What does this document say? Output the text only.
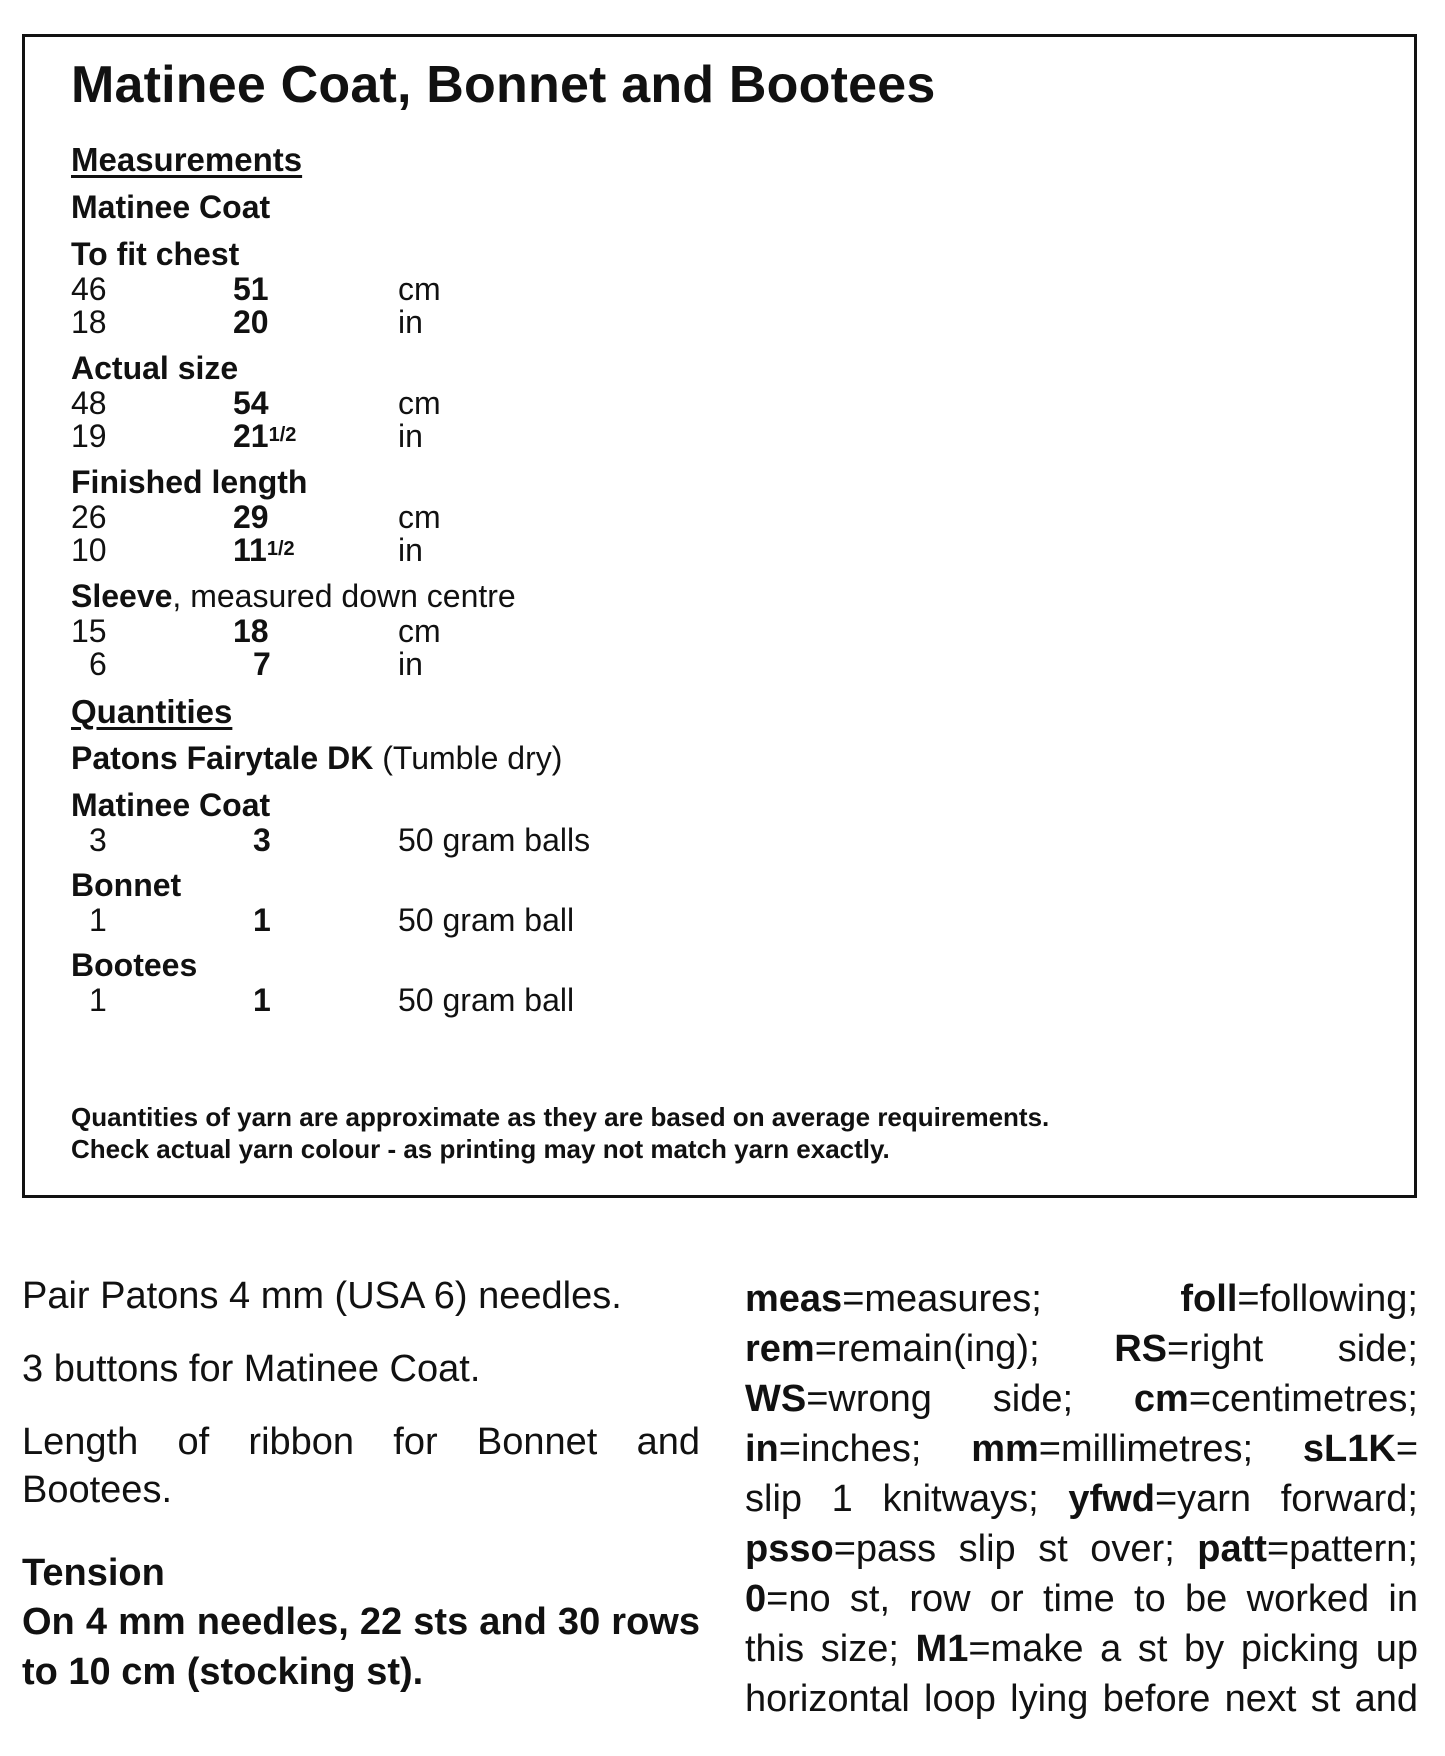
Matinee Coat, Bonnet and Bootees
Measurements
Matinee Coat
To fit chest
46	51	cm
18	20	in
Actual size
48	54	cm
19	211/2	in
Finished length
26	29	cm
10	111/2	in
Sleeve, measured down centre
15	18	cm
6	7	in
Quantities
Patons Fairytale DK (Tumble dry)
Matinee Coat
3	3	50 gram balls
Bonnet
1	1	50 gram ball
Bootees
1	1	50 gram ball
Quantities of yarn are approximate as they are based on average requirements.
Check actual yarn colour - as printing may not match yarn exactly.

Pair Patons 4 mm (USA 6) needles.

3 buttons for Matinee Coat.

Length of ribbon for Bonnet and Bootees.

Tension
On 4 mm needles, 22 sts and 30 rows to 10 cm (stocking st).
meas=measures;	foll=following;
rem=remain(ing); RS=right side;
WS=wrong side; cm=centimetres;
in=inches; mm=millimetres; sL1K=
slip 1 knitways; yfwd=yarn forward;
psso=pass slip st over; patt=pattern;
0=no st, row or time to be worked in
this size; M1=make a st by picking up
horizontal loop lying before next st and
